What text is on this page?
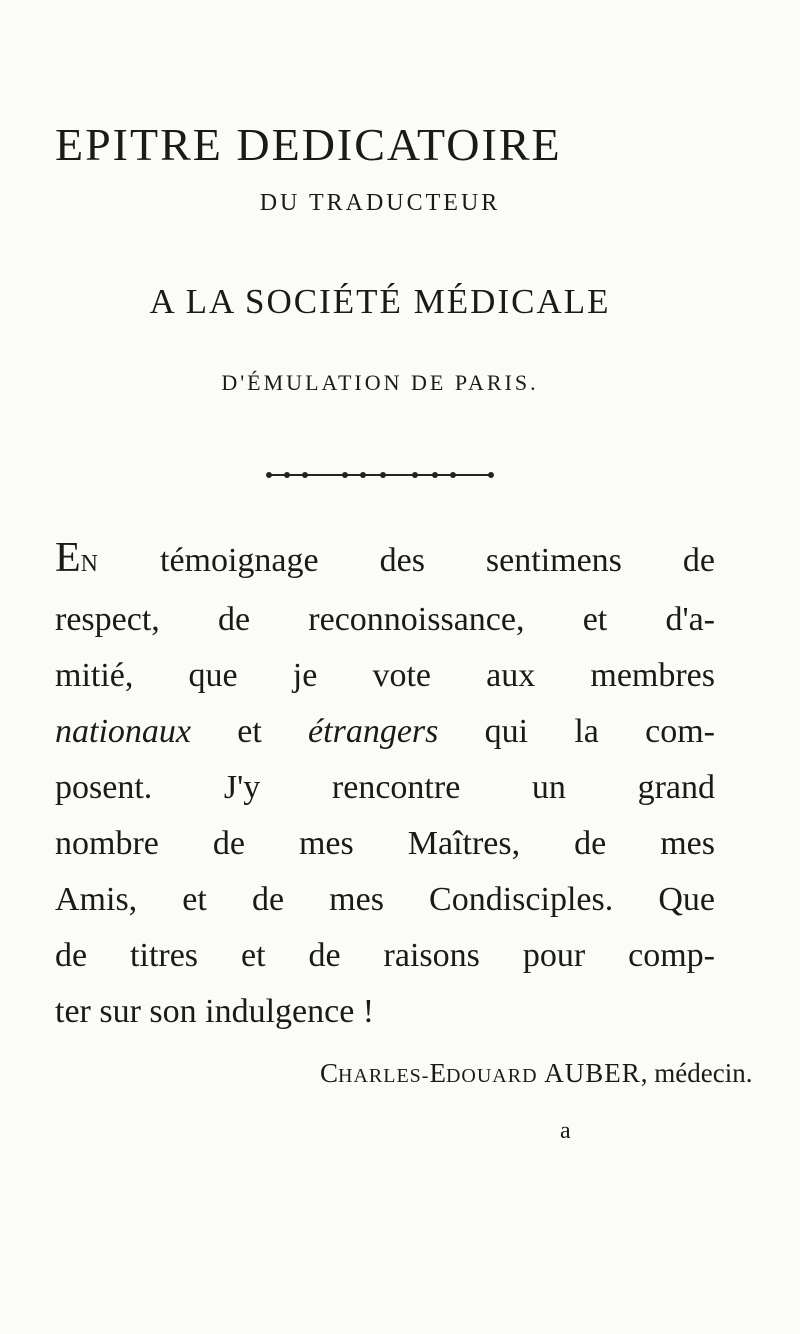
EPITRE DEDICATOIRE
DU TRADUCTEUR
A LA SOCIÉTÉ MÉDICALE
D'ÉMULATION DE PARIS.
EN témoignage des sentimens de
respect, de reconnoissance, et d'a-
mitié, que je vote aux membres
nationaux et étrangers qui la com-
posent. J'y rencontre un grand
nombre de mes Maîtres, de mes
Amis, et de mes Condisciples. Que
de titres et de raisons pour comp-
ter sur son indulgence !
CHARLES-EDOUARD AUBER, médecin.
a
